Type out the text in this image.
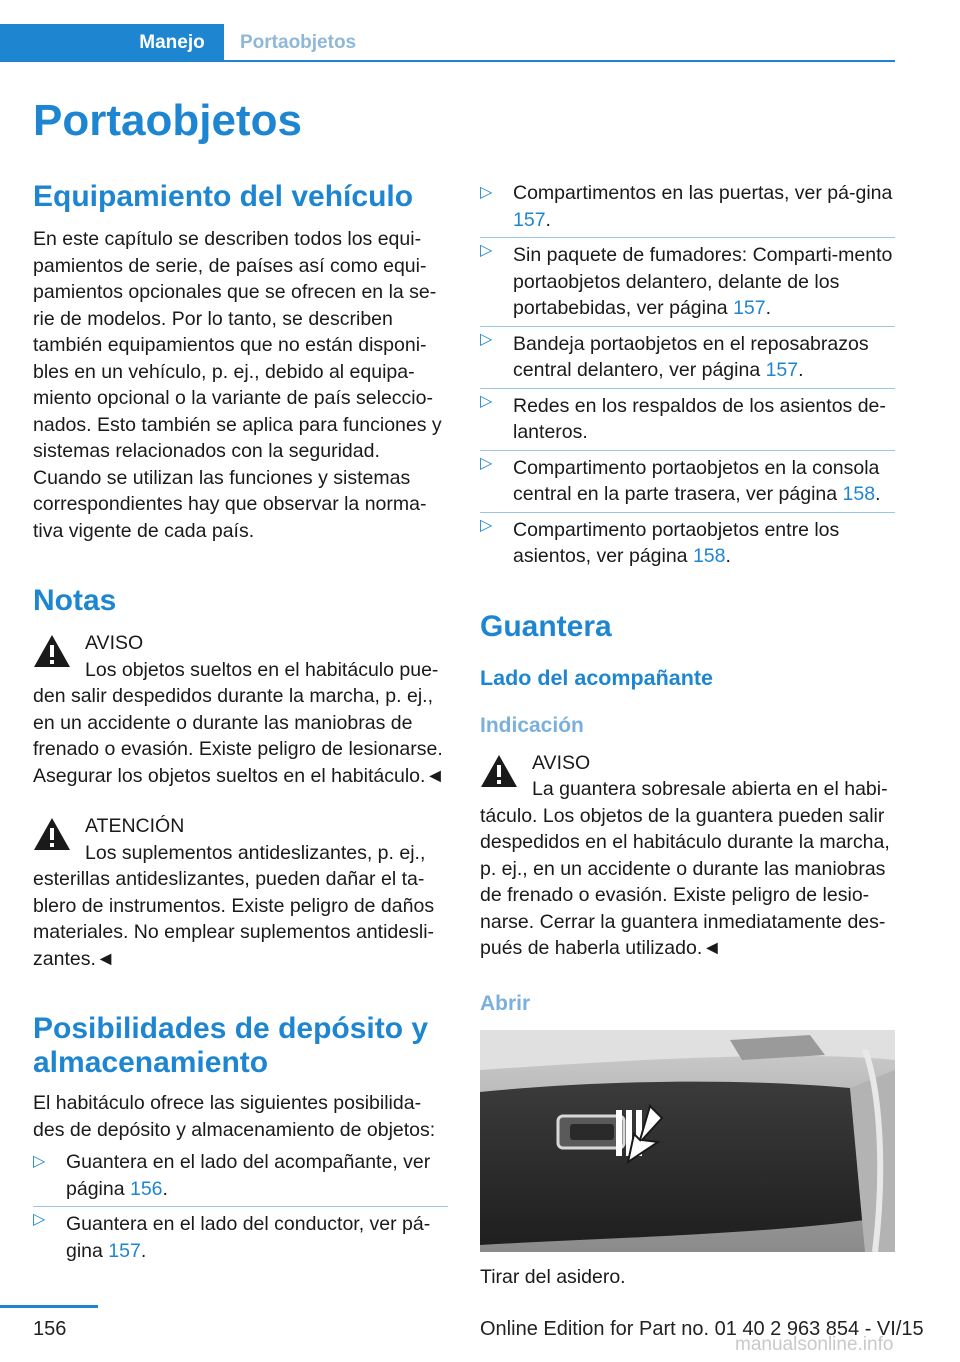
Manejo	Portaobjetos
Portaobjetos
Equipamiento del vehículo

En este capítulo se describen todos los equi-pamientos de serie, de países así como equi-pamientos opcionales que se ofrecen en la se-rie de modelos. Por lo tanto, se describen también equipamientos que no están disponi-bles en un vehículo, p. ej., debido al equipa-miento opcional o la variante de país seleccio-nados. Esto también se aplica para funciones y sistemas relacionados con la seguridad. Cuando se utilizan las funciones y sistemas correspondientes hay que observar la norma-tiva vigente de cada país.

Notas
AVISO
Los objetos sueltos en el habitáculo pue-den salir despedidos durante la marcha, p. ej., en un accidente o durante las maniobras de frenado o evasión. Existe peligro de lesionarse. Asegurar los objetos sueltos en el habitáculo.◄
ATENCIÓN
Los suplementos antideslizantes, p. ej., esterillas antideslizantes, pueden dañar el ta-blero de instrumentos. Existe peligro de daños materiales. No emplear suplementos antidesli-zantes.◄
Posibilidades de depósito y almacenamiento

El habitáculo ofrece las siguientes posibilida-des de depósito y almacenamiento de objetos:

▷ Guantera en el lado del acompañante, ver página 156.
▷ Guantera en el lado del conductor, ver pá-gina 157.
▷ Compartimentos en las puertas, ver pá-gina 157.
▷ Sin paquete de fumadores: Comparti-mento portaobjetos delantero, delante de los portabebidas, ver página 157.
▷ Bandeja portaobjetos en el reposabrazos central delantero, ver página 157.
▷ Redes en los respaldos de los asientos de-lanteros.
▷ Compartimento portaobjetos en la consola central en la parte trasera, ver página 158.
▷ Compartimento portaobjetos entre los asientos, ver página 158.
Guantera
Lado del acompañante
Indicación
AVISO
La guantera sobresale abierta en el habi-táculo. Los objetos de la guantera pueden salir despedidos en el habitáculo durante la marcha, p. ej., en un accidente o durante las maniobras de frenado o evasión. Existe peligro de lesio-narse. Cerrar la guantera inmediatamente des-pués de haberla utilizado.◄
Abrir

Tirar del asidero.

156	Online Edition for Part no. 01 40 2 963 854 - VI/15
manualsonline.info
